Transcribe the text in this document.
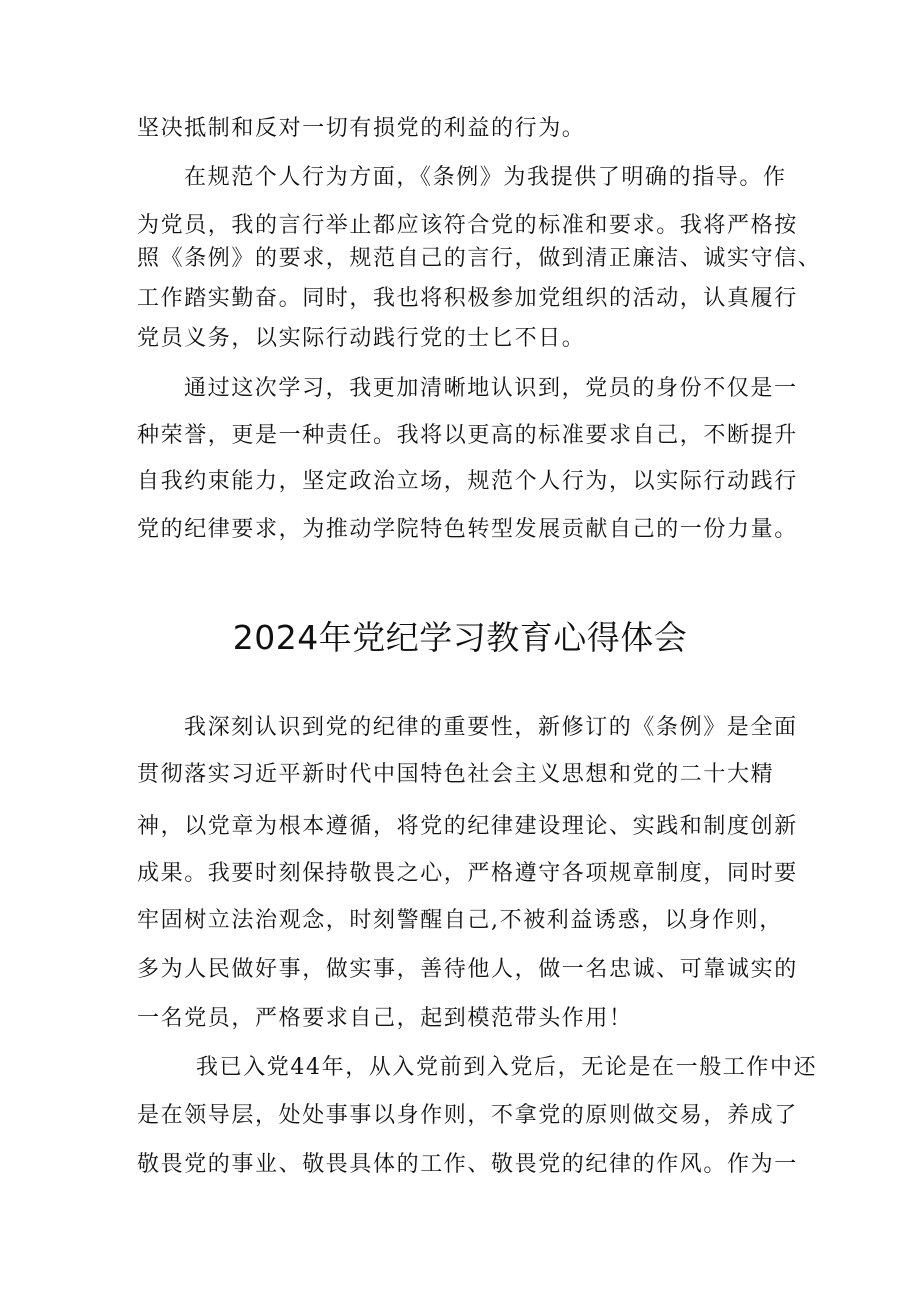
坚决抵制和反对一切有损党的利益的行为。
在规范个人行为方面，《条例》为我提供了明确的指导。作
为党员，我的言行举止都应该符合党的标准和要求。我将严格按
照《条例》的要求，规范自己的言行，做到清正廉洁、诚实守信、
工作踏实勤奋。同时，我也将积极参加党组织的活动，认真履行
党员义务，以实际行动践行党的士匕不日。
通过这次学习，我更加清晰地认识到，党员的身份不仅是一
种荣誉，更是一种责任。我将以更高的标准要求自己，不断提升
自我约束能力，坚定政治立场，规范个人行为，以实际行动践行
党的纪律要求，为推动学院特色转型发展贡献自己的一份力量。
2024年党纪学习教育心得体会
我深刻认识到党的纪律的重要性，新修订的《条例》是全面
贯彻落实习近平新时代中国特色社会主义思想和党的二十大精
神，以党章为根本遵循，将党的纪律建设理论、实践和制度创新
成果。我要时刻保持敬畏之心，严格遵守各项规章制度，同时要
牢固树立法治观念，时刻警醒自己,不被利益诱惑，以身作则，
多为人民做好事，做实事，善待他人，做一名忠诚、可靠诚实的
一名党员，严格要求自己，起到模范带头作用！
我已入党44年，从入党前到入党后，无论是在一般工作中还
是在领导层，处处事事以身作则，不拿党的原则做交易，养成了
敬畏党的事业、敬畏具体的工作、敬畏党的纪律的作风。作为一
